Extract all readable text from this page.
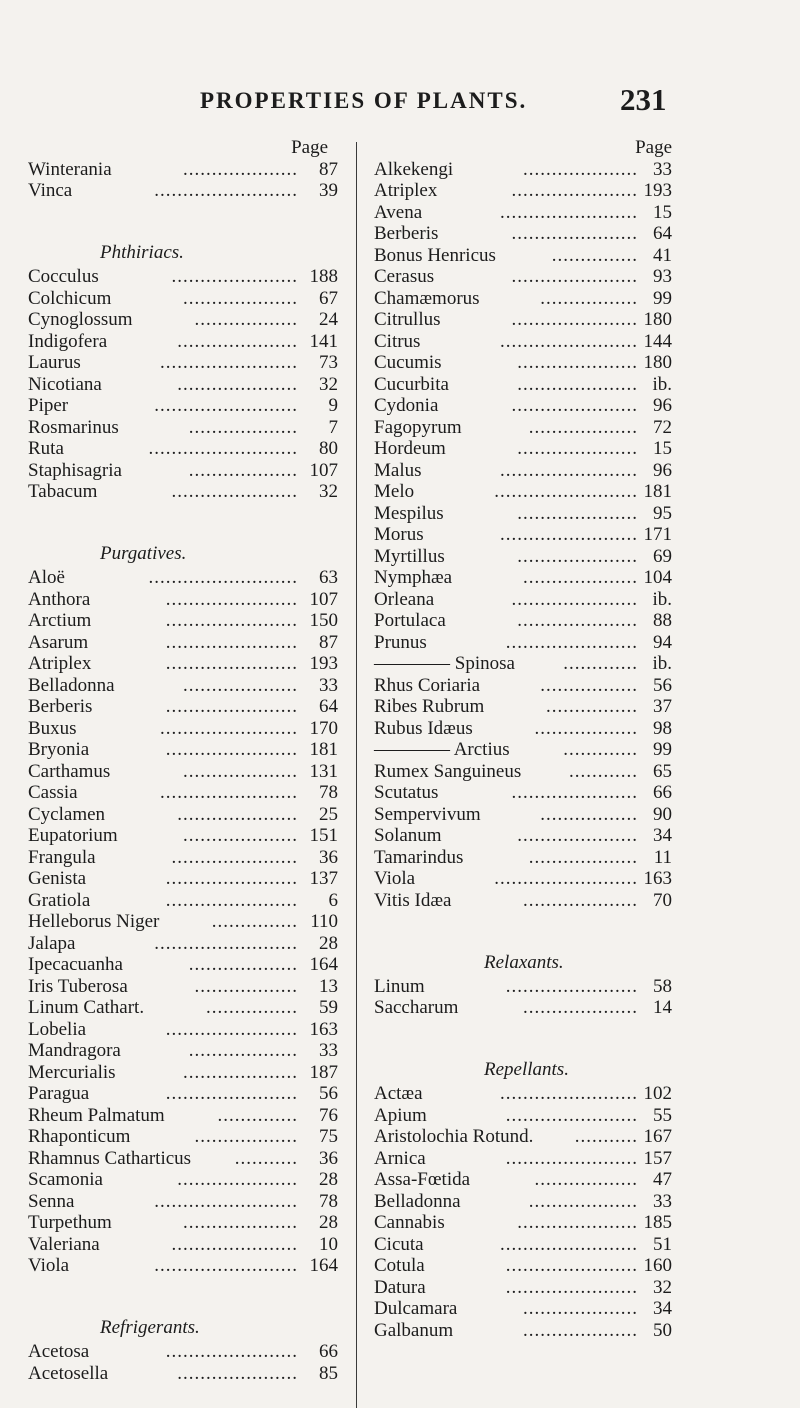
PROPERTIES OF PLANTS.	231
Page
Winterania	.................... 87
Vinca	......................... 39
Phthiriacs.
Cocculus	...................... 188
Colchicum	.................... 67
Cynoglossum	.................. 24
Indigofera	..................... 141
Laurus	........................ 73
Nicotiana	..................... 32
Piper	......................... 9
Rosmarinus	................... 7
Ruta	.......................... 80
Staphisagria	................... 107
Tabacum	...................... 32
Purgatives.
Aloë	.......................... 63
Anthora	....................... 107
Arctium	....................... 150
Asarum	....................... 87
Atriplex	....................... 193
Belladonna	.................... 33
Berberis	....................... 64
Buxus	........................ 170
Bryonia	....................... 181
Carthamus	.................... 131
Cassia	........................ 78
Cyclamen	..................... 25
Eupatorium	.................... 151
Frangula	...................... 36
Genista	....................... 137
Gratiola	....................... 6
Helleborus Niger	............... 110
Jalapa	......................... 28
Ipecacuanha	................... 164
Iris Tuberosa	.................. 13
Linum Cathart.	................ 59
Lobelia	....................... 163
Mandragora	................... 33
Mercurialis	.................... 187
Paragua	....................... 56
Rheum Palmatum	.............. 76
Rhaponticum	.................. 75
Rhamnus Catharticus ........... 36
Scamonia	..................... 28
Senna	......................... 78
Turpethum	.................... 28
Valeriana	...................... 10
Viola	......................... 164
Refrigerants.
Acetosa	....................... 66
Acetosella	..................... 85
Page
Alkekengi	.................... 33
Atriplex	...................... 193
Avena	........................ 15
Berberis	...................... 64
Bonus Henricus	............... 41
Cerasus	...................... 93
Chamæmorus	................. 99
Citrullus	...................... 180
Citrus	........................ 144
Cucumis	..................... 180
Cucurbita	..................... ib.
Cydonia	...................... 96
Fagopyrum	................... 72
Hordeum	..................... 15
Malus	........................ 96
Melo	......................... 181
Mespilus	..................... 95
Morus	........................ 171
Myrtillus	..................... 69
Nymphæa	.................... 104
Orleana	...................... ib.
Portulaca	..................... 88
Prunus	....................... 94
———— Spinosa	............. ib.
Rhus Coriaria	................. 56
Ribes Rubrum	................ 37
Rubus Idæus	.................. 98
———— Arctius	............. 99
Rumex Sanguineus	............ 65
Scutatus	...................... 66
Sempervivum	................. 90
Solanum	..................... 34
Tamarindus	................... 11
Viola	......................... 163
Vitis Idæa	.................... 70
Relaxants.
Linum	....................... 58
Saccharum	.................... 14
Repellants.
Actæa	........................ 102
Apium	....................... 55
Aristolochia Rotund. ........... 167
Arnica	....................... 157
Assa-Fœtida	.................. 47
Belladonna	................... 33
Cannabis	..................... 185
Cicuta	........................ 51
Cotula	....................... 160
Datura	....................... 32
Dulcamara	.................... 34
Galbanum	.................... 50
